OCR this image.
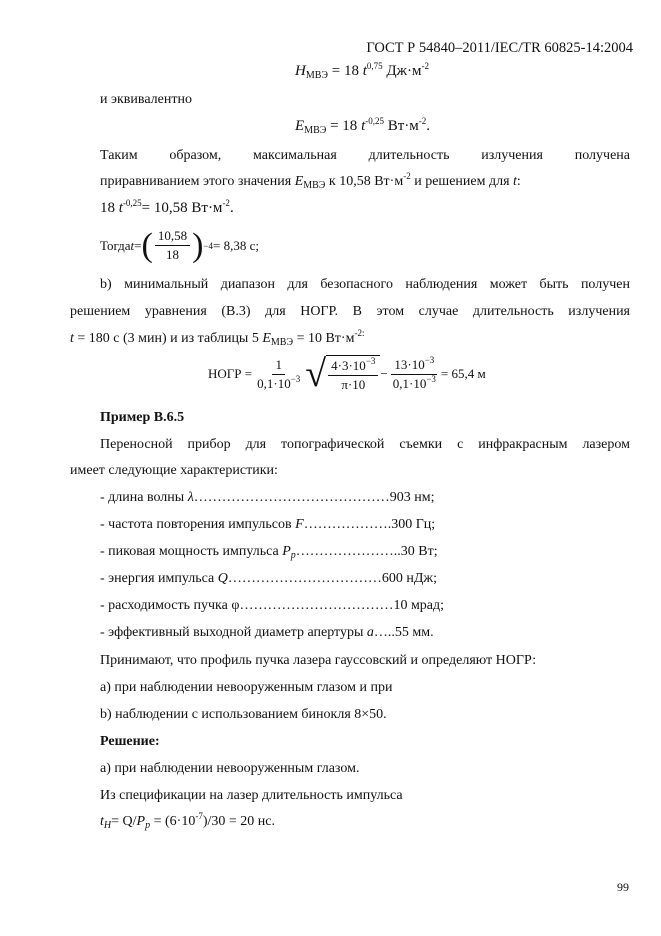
ГОСТ Р 54840–2011/IEC/TR 60825-14:2004
$H_{МВЭ} = 18$ $t^{0,75}$ $Дж\cdot м^{-2}$
и эквивалентно
$E_{МВЭ} = 18$ $t^{-0,25}$ $Вт\cdot м^{-2}$.
Таким образом, максимальная длительность излучения получена
приравниванием этого значения $E_{МВЭ}$ к 10,58 $Вт\cdot м^{-2}$ и решением для t:
18 $t^{-0,25}= 10,58$ $Вт\cdot м^{-2}$.
Тогда t = ( $\frac{10,58}{18}$ ) −4 = 8,38 с;
b) минимальный диапазон для безопасного наблюдения может быть получен
решением уравнения (B.3) для НОГР. В этом случае длительность излучения
t = 180 с (3 мин) и из таблицы 5 $E_{МВЭ} = 10$ $Вт\cdot м^{-2:}$
НОГР = $\frac{1}{0,1\cdot 10^{-3}}$ √ $\frac{4\cdot 3\cdot 10^{-3}}{\pi\cdot 10} - \frac{13\cdot 10^{-3}}{0,1\cdot 10^{-3}} = 65,4$ м
Пример B.6.5
Переносной прибор для топографической съемки с инфракрасным лазером
имеет следующие характеристики:
- длина волны λ……………………………………903 нм;
- частота повторения импульсов F……………….300 Гц;
- пиковая мощность импульса $P_p\dots\dots\dots\dots\dots\dots\dots..30$ Вт;
- энергия импульса Q……………………………600 нДж;
- расходимость пучка φ……………………………10 мрад;
- эффективный выходной диаметр апертуры a…..55 мм.
Принимают, что профиль пучка лазера гауссовский и определяют НОГР:
а) при наблюдении невооруженным глазом и при
b) наблюдении с использованием бинокля 8×50.
Решение:
а) при наблюдении невооруженным глазом.
Из спецификации на лазер длительность импульса
$t_H= Q/P_p = (6\cdot 10^{-7})/30 = 20$ нс.
99
